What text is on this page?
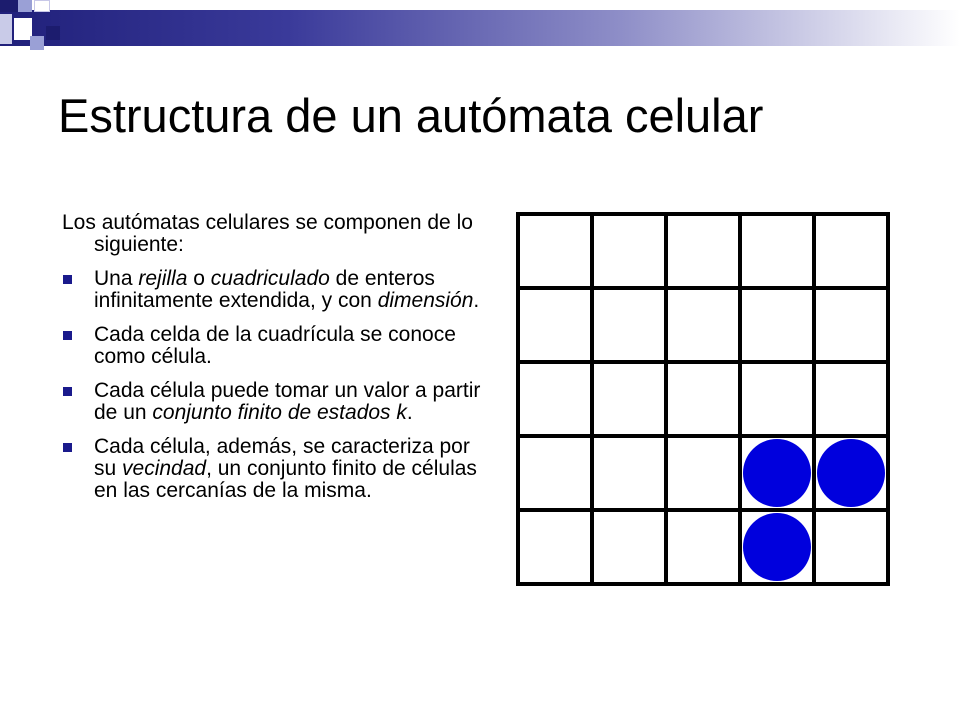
Estructura de un autómata celular

Los autómatas celulares se componen de lo siguiente:

Una rejilla o cuadriculado de enteros infinitamente extendida, y con dimensión.
Cada celda de la cuadrícula se conoce como célula.
Cada célula puede tomar un valor a partir de un conjunto finito de estados k.
Cada célula, además, se caracteriza por su vecindad, un conjunto finito de células en las cercanías de la misma.
